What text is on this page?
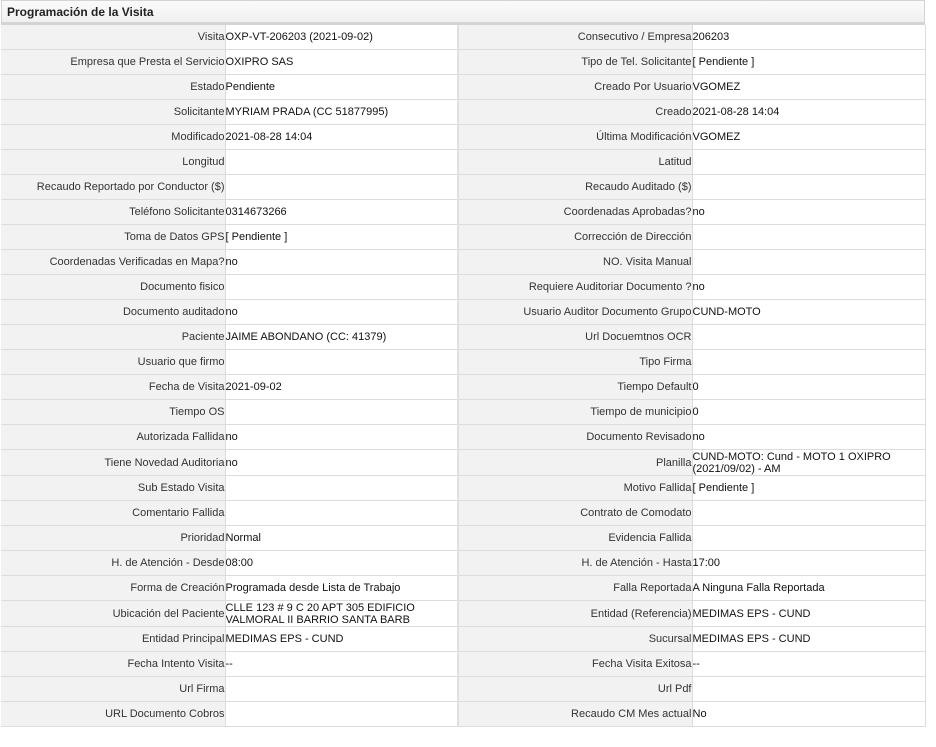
Programación de la Visita
Visita	OXP-VT-206203 (2021-09-02)	Consecutivo / Empresa	206203
Empresa que Presta el Servicio	OXIPRO SAS	Tipo de Tel. Solicitante	[ Pendiente ]
Estado	Pendiente	Creado Por Usuario	VGOMEZ
Solicitante	MYRIAM PRADA (CC 51877995)	Creado	2021-08-28 14:04
Modificado	2021-08-28 14:04	Última Modificación	VGOMEZ
Longitud		Latitud	
Recaudo Reportado por Conductor ($)		Recaudo Auditado ($)	
Teléfono Solicitante	0314673266	Coordenadas Aprobadas?	no
Toma de Datos GPS	[ Pendiente ]	Corrección de Dirección	
Coordenadas Verificadas en Mapa?	no	NO. Visita Manual	
Documento fisico		Requiere Auditoriar Documento ?	no
Documento auditado	no	Usuario Auditor Documento Grupo	CUND-MOTO
Paciente	JAIME ABONDANO (CC: 41379)	Url Docuemtnos OCR	
Usuario que firmo		Tipo Firma	
Fecha de Visita	2021-09-02	Tiempo Default	0
Tiempo OS		Tiempo de municipio	0
Autorizada Fallida	no	Documento Revisado	no
Tiene Novedad Auditoria	no	Planilla	CUND-MOTO: Cund - MOTO 1 OXIPRO (2021/09/02) - AM
Sub Estado Visita		Motivo Fallida	[ Pendiente ]
Comentario Fallida		Contrato de Comodato	
Prioridad	Normal	Evidencia Fallida	
H. de Atención - Desde	08:00	H. de Atención - Hasta	17:00
Forma de Creación	Programada desde Lista de Trabajo	Falla Reportada	A Ninguna Falla Reportada
Ubicación del Paciente	CLLE 123 # 9 C 20 APT 305 EDIFICIO VALMORAL II BARRIO SANTA BARB	Entidad (Referencia)	MEDIMAS EPS - CUND
Entidad Principal	MEDIMAS EPS - CUND	Sucursal	MEDIMAS EPS - CUND
Fecha Intento Visita	--	Fecha Visita Exitosa	--
Url Firma		Url Pdf	
URL Documento Cobros		Recaudo CM Mes actual	No
